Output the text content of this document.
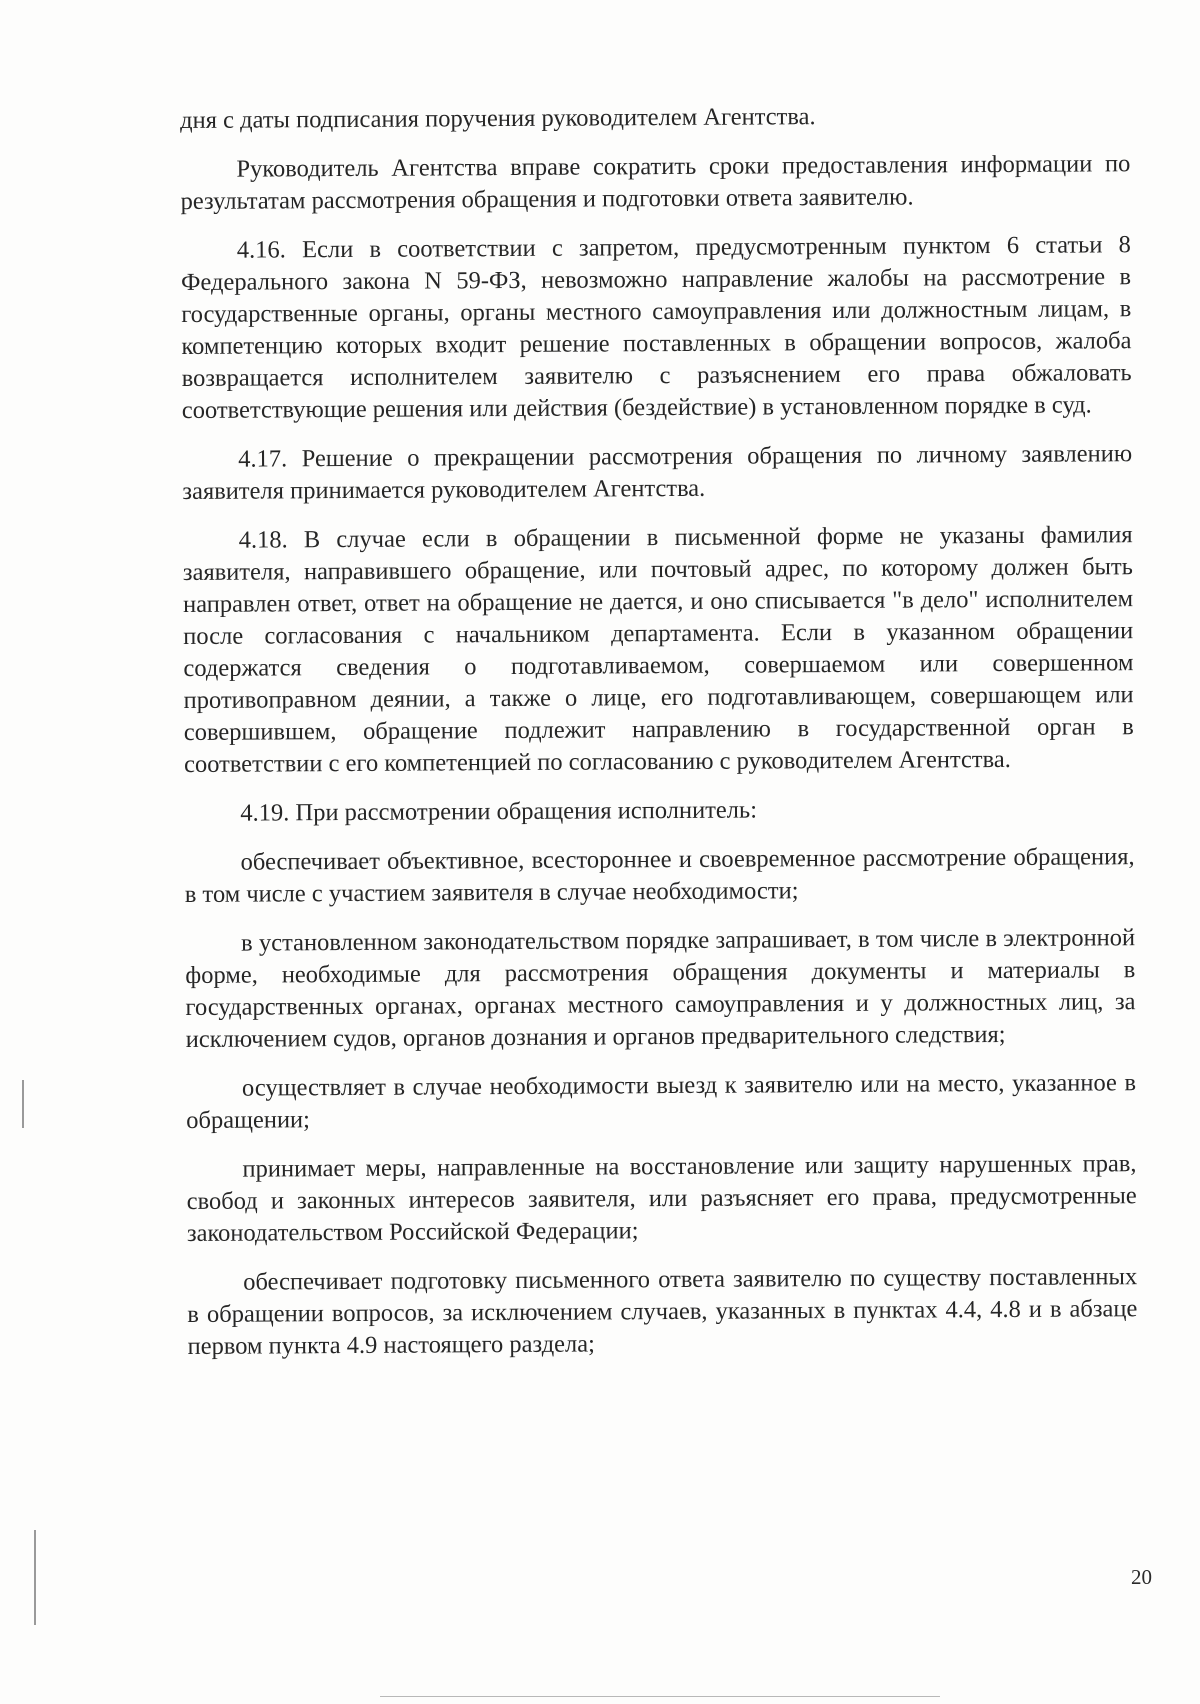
дня с даты подписания поручения руководителем Агентства.

Руководитель Агентства вправе сократить сроки предоставления информации по результатам рассмотрения обращения и подготовки ответа заявителю.

4.16. Если в соответствии с запретом, предусмотренным пунктом 6 статьи 8 Федерального закона N 59-ФЗ, невозможно направление жалобы на рассмотрение в государственные органы, органы местного самоуправления или должностным лицам, в компетенцию которых входит решение поставленных в обращении вопросов, жалоба возвращается исполнителем заявителю с разъяснением его права обжаловать соответствующие решения или действия (бездействие) в установленном порядке в суд.

4.17. Решение о прекращении рассмотрения обращения по личному заявлению заявителя принимается руководителем Агентства.

4.18. В случае если в обращении в письменной форме не указаны фамилия заявителя, направившего обращение, или почтовый адрес, по которому должен быть направлен ответ, ответ на обращение не дается, и оно списывается "в дело" исполнителем после согласования с начальником департамента. Если в указанном обращении содержатся сведения о подготавливаемом, совершаемом или совершенном противоправном деянии, а также о лице, его подготавливающем, совершающем или совершившем, обращение подлежит направлению в государственной орган в соответствии с его компетенцией по согласованию с руководителем Агентства.

4.19. При рассмотрении обращения исполнитель:

обеспечивает объективное, всестороннее и своевременное рассмотрение обращения, в том числе с участием заявителя в случае необходимости;

в установленном законодательством порядке запрашивает, в том числе в электронной форме, необходимые для рассмотрения обращения документы и материалы в государственных органах, органах местного самоуправления и у должностных лиц, за исключением судов, органов дознания и органов предварительного следствия;

осуществляет в случае необходимости выезд к заявителю или на место, указанное в обращении;

принимает меры, направленные на восстановление или защиту нарушенных прав, свобод и законных интересов заявителя, или разъясняет его права, предусмотренные законодательством Российской Федерации;

обеспечивает подготовку письменного ответа заявителю по существу поставленных в обращении вопросов, за исключением случаев, указанных в пунктах 4.4, 4.8 и в абзаце первом пункта 4.9 настоящего раздела;

20
